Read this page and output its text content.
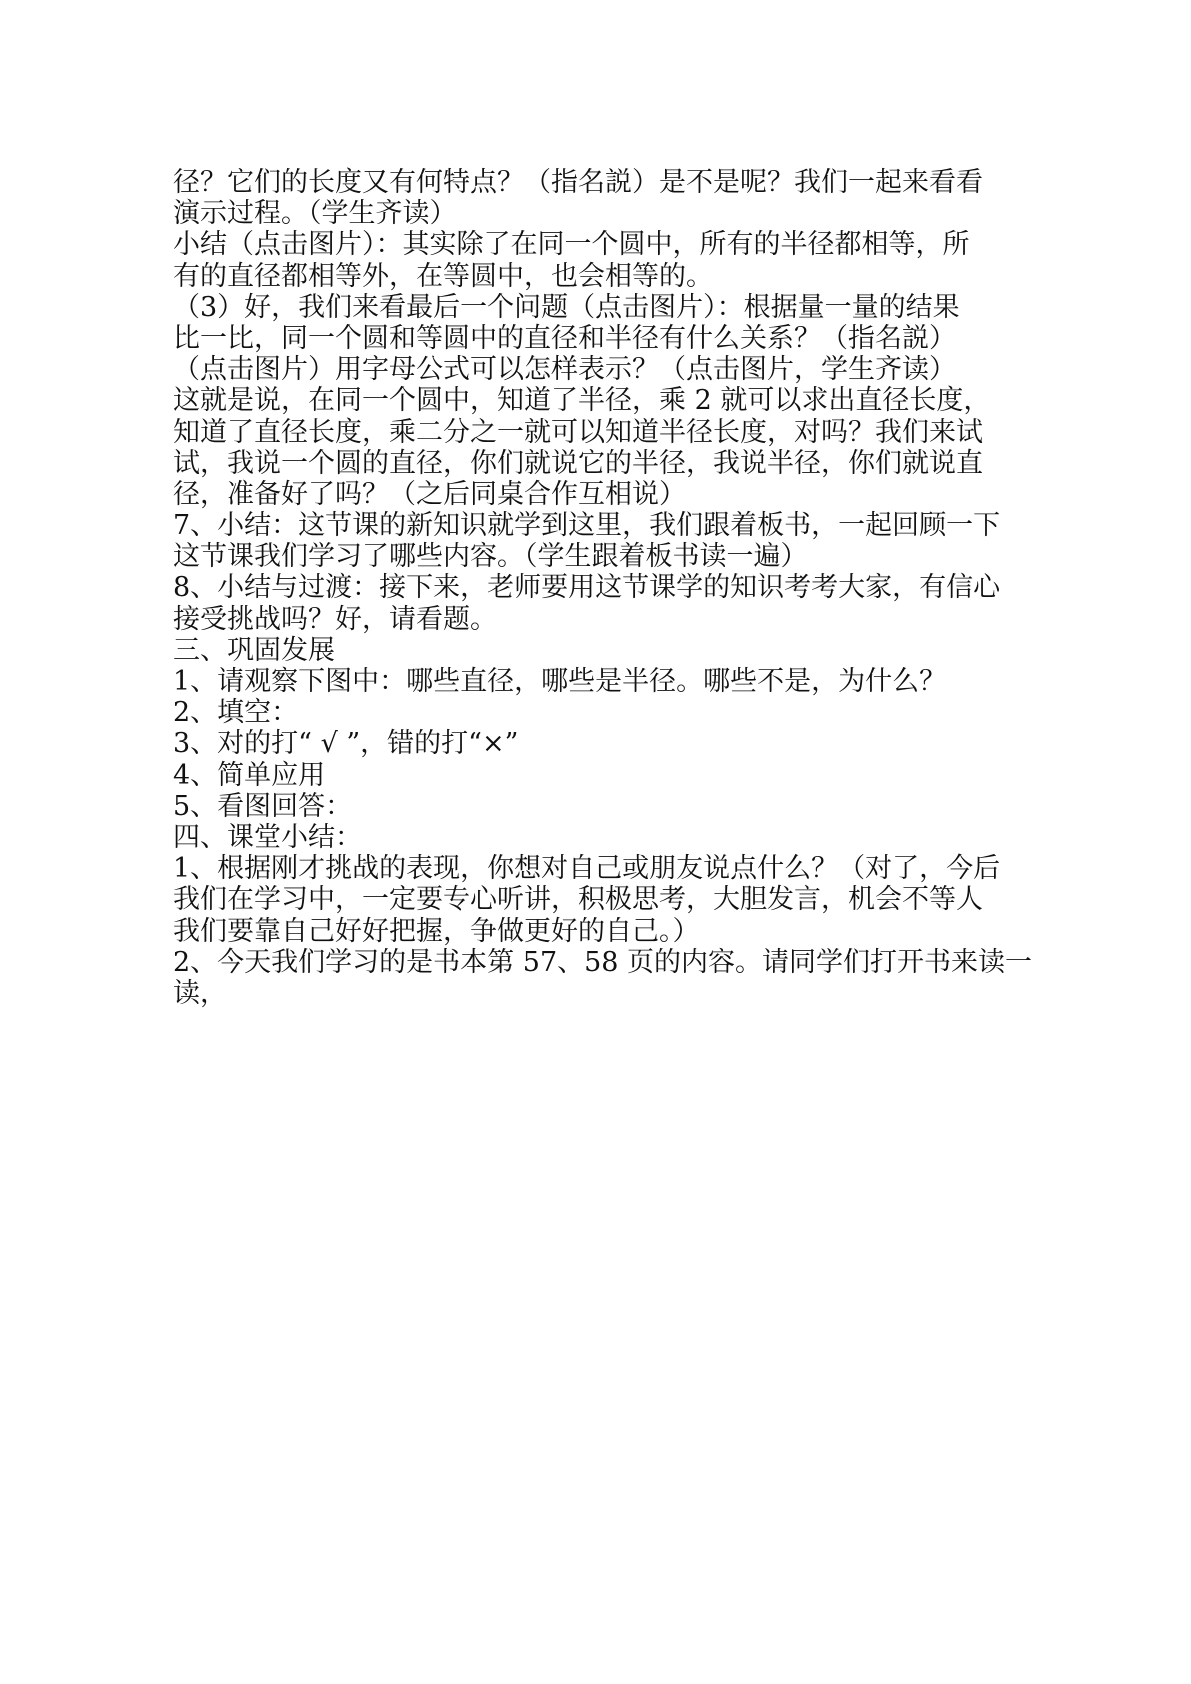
径？它们的长度又有何特点？（指名説）是不是呢？我们一起来看看
演示过程。（学生齐读）
小结（点击图片）：其实除了在同一个圆中，所有的半径都相等，所
有的直径都相等外，在等圆中，也会相等的。
（3）好，我们来看最后一个问题（点击图片）：根据量一量的结果
比一比，同一个圆和等圆中的直径和半径有什么关系？（指名説）
（点击图片）用字母公式可以怎样表示？（点击图片，学生齐读）
这就是说，在同一个圆中，知道了半径，乘 2 就可以求出直径长度，
知道了直径长度，乘二分之一就可以知道半径长度，对吗？我们来试
试，我说一个圆的直径，你们就说它的半径，我说半径，你们就说直
径，准备好了吗？（之后同桌合作互相说）
7、小结：这节课的新知识就学到这里，我们跟着板书，一起回顾一下
这节课我们学习了哪些内容。（学生跟着板书读一遍）
8、小结与过渡：接下来，老师要用这节课学的知识考考大家，有信心
接受挑战吗？好，请看题。
三、巩固发展
1、请观察下图中：哪些直径，哪些是半径。哪些不是，为什么？
2、填空：
3、对的打“ √ ”，错的打“×”
4、简单应用
5、看图回答：
四、课堂小结：
1、根据刚才挑战的表现，你想对自己或朋友说点什么？（对了，今后
我们在学习中，一定要专心听讲，积极思考，大胆发言，机会不等人
我们要靠自己好好把握，争做更好的自己。）
2、今天我们学习的是书本第 57、58 页的内容。请同学们打开书来读一
读，
